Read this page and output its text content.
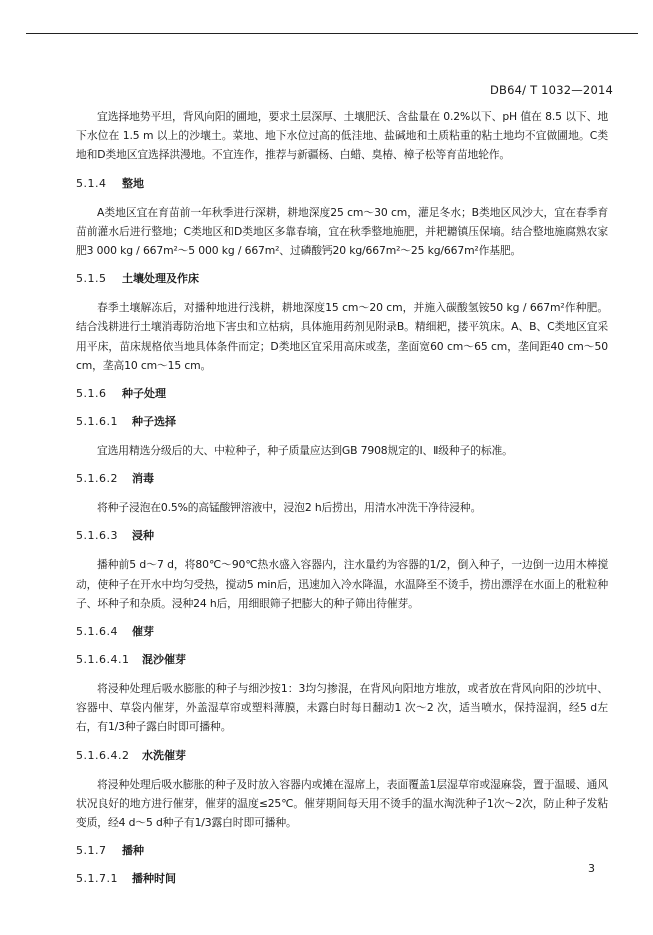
DB64/ T 1032—2014

宜选择地势平坦，背风向阳的圃地，要求土层深厚、土壤肥沃、含盐量在 0.2%以下、pH 值在 8.5 以下、地下水位在 1.5 m 以上的沙壤土。菜地、地下水位过高的低洼地、盐碱地和土质粘重的粘土地均不宜做圃地。C类地和D类地区宜选择洪漫地。不宜连作，推荐与新疆杨、白蜡、臭椿、樟子松等育苗地轮作。

5.1.4	整地

A类地区宜在育苗前一年秋季进行深耕，耕地深度25 cm～30 cm，灌足冬水；B类地区风沙大，宜在春季育苗前灌水后进行整地；C类地区和D类地区多靠春墒，宜在秋季整地施肥，并耙耱镇压保墒。结合整地施腐熟农家肥3 000 kg / 667m²～5 000 kg / 667m²、过磷酸钙20 kg/667m²～25 kg/667m²作基肥。

5.1.5	土壤处理及作床

春季土壤解冻后，对播种地进行浅耕，耕地深度15 cm～20 cm，并施入碳酸氢铵50 kg / 667m²作种肥。结合浅耕进行土壤消毒防治地下害虫和立枯病，具体施用药剂见附录B。精细耙，搂平筑床。A、B、C类地区宜采用平床，苗床规格依当地具体条件而定；D类地区宜采用高床或垄，垄面宽60 cm～65 cm，垄间距40 cm～50 cm，垄高10 cm～15 cm。

5.1.6	种子处理
5.1.6.1	种子选择

宜选用精选分级后的大、中粒种子，种子质量应达到GB 7908规定的Ⅰ、Ⅱ级种子的标准。

5.1.6.2	消毒

将种子浸泡在0.5%的高锰酸钾溶液中，浸泡2 h后捞出，用清水冲洗干净待浸种。

5.1.6.3	浸种

播种前5 d～7 d，将80℃～90℃热水盛入容器内，注水量约为容器的1/2，倒入种子，一边倒一边用木棒搅动，使种子在开水中均匀受热，搅动5 min后，迅速加入冷水降温，水温降至不烫手，捞出漂浮在水面上的秕粒种子、坏种子和杂质。浸种24 h后，用细眼筛子把膨大的种子筛出待催芽。

5.1.6.4	催芽
5.1.6.4.1	混沙催芽

将浸种处理后吸水膨胀的种子与细沙按1：3均匀掺混，在背风向阳地方堆放，或者放在背风向阳的沙坑中、容器中、草袋内催芽，外盖湿草帘或塑料薄膜，未露白时每日翻动1 次～2 次，适当喷水，保持湿润，经5 d左右，有1/3种子露白时即可播种。

5.1.6.4.2	水洗催芽

将浸种处理后吸水膨胀的种子及时放入容器内或摊在湿席上，表面覆盖1层湿草帘或湿麻袋，置于温暖、通风状况良好的地方进行催芽，催芽的温度≤25℃。催芽期间每天用不烫手的温水淘洗种子1次～2次，防止种子发粘变质，经4 d～5 d种子有1/3露白时即可播种。

5.1.7	播种
5.1.7.1	播种时间
3
